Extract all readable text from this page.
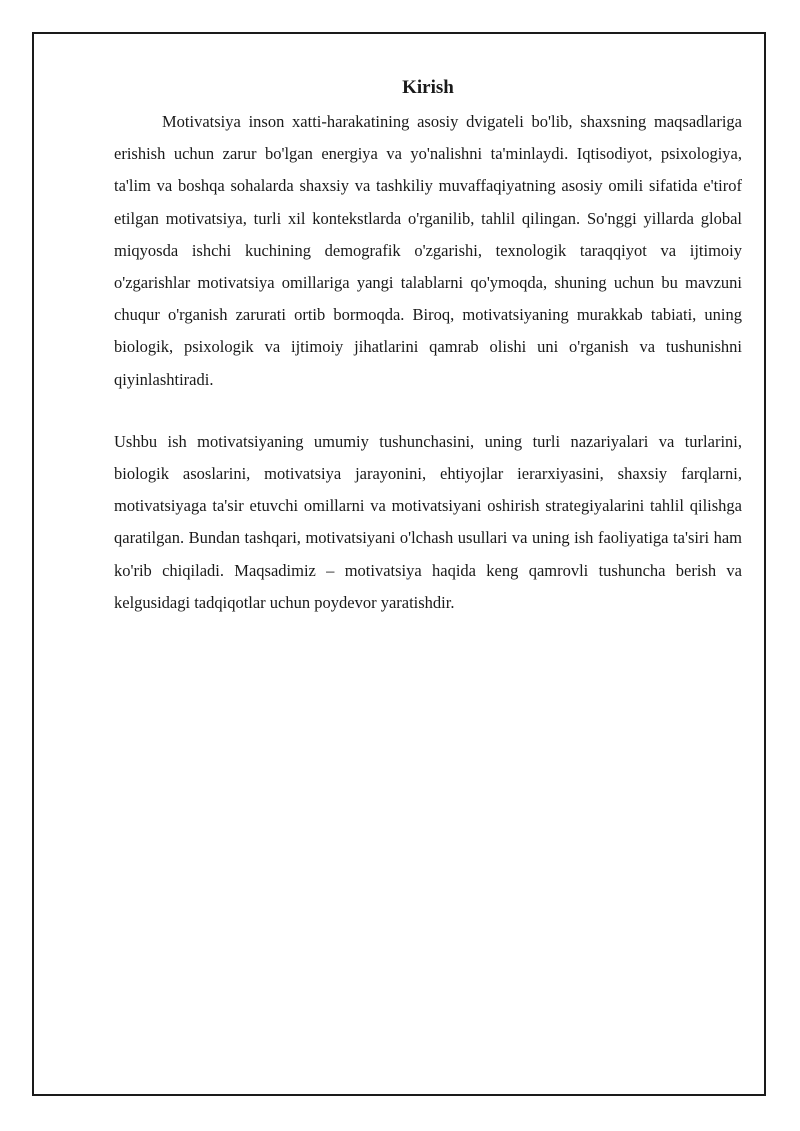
Kirish

Motivatsiya inson xatti-harakatining asosiy dvigateli bo'lib, shaxsning maqsadlariga erishish uchun zarur bo'lgan energiya va yo'nalishni ta'minlaydi. Iqtisodiyot, psixologiya, ta'lim va boshqa sohalarda shaxsiy va tashkiliy muvaffaqiyatning asosiy omili sifatida e'tirof etilgan motivatsiya, turli xil kontekstlarda o'rganilib, tahlil qilingan. So'nggi yillarda global miqyosda ishchi kuchining demografik o'zgarishi, texnologik taraqqiyot va ijtimoiy o'zgarishlar motivatsiya omillariga yangi talablarni qo'ymoqda, shuning uchun bu mavzuni chuqur o'rganish zarurati ortib bormoqda. Biroq, motivatsiyaning murakkab tabiati, uning biologik, psixologik va ijtimoiy jihatlarini qamrab olishi uni o'rganish va tushunishni qiyinlashtiradi.

Ushbu ish motivatsiyaning umumiy tushunchasini, uning turli nazariyalari va turlarini, biologik asoslarini, motivatsiya jarayonini, ehtiyojlar ierarxiyasini, shaxsiy farqlarni, motivatsiyaga ta'sir etuvchi omillarni va motivatsiyani oshirish strategiyalarini tahlil qilishga qaratilgan. Bundan tashqari, motivatsiyani o'lchash usullari va uning ish faoliyatiga ta'siri ham ko'rib chiqiladi. Maqsadimiz – motivatsiya haqida keng qamrovli tushuncha berish va kelgusidagi tadqiqotlar uchun poydevor yaratishdir.
